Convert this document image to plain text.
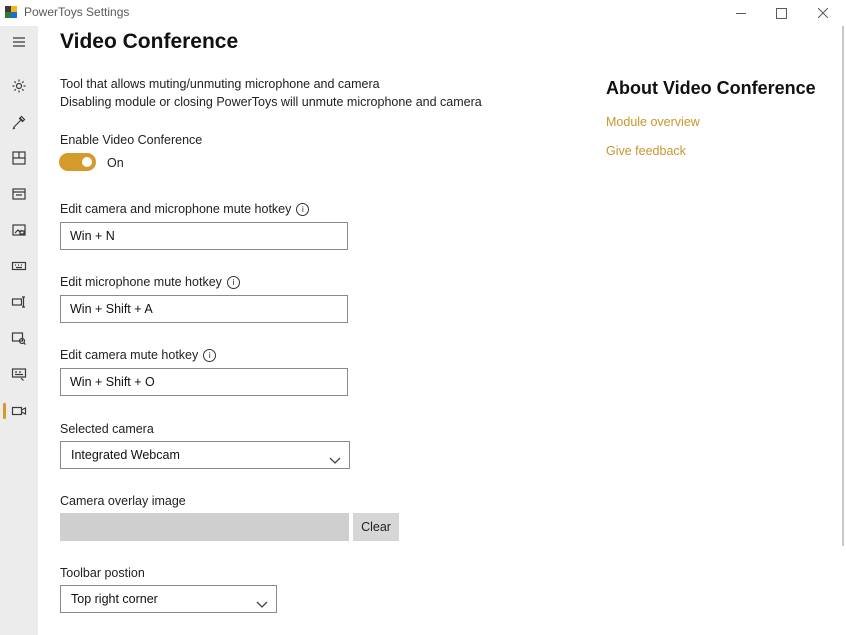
PowerToys Settings
Video Conference
Tool that allows muting/unmuting microphone and camera
Disabling module or closing PowerToys will unmute microphone and camera
Enable Video Conference
On
Edit camera and microphone mute hotkey	i
Win + N
Edit microphone mute hotkey	i
Win + Shift + A
Edit camera mute hotkey	i
Win + Shift + O
Selected camera
Integrated Webcam
Camera overlay image
Clear
Toolbar postion
Top right corner
About Video Conference
Module overview
Give feedback
